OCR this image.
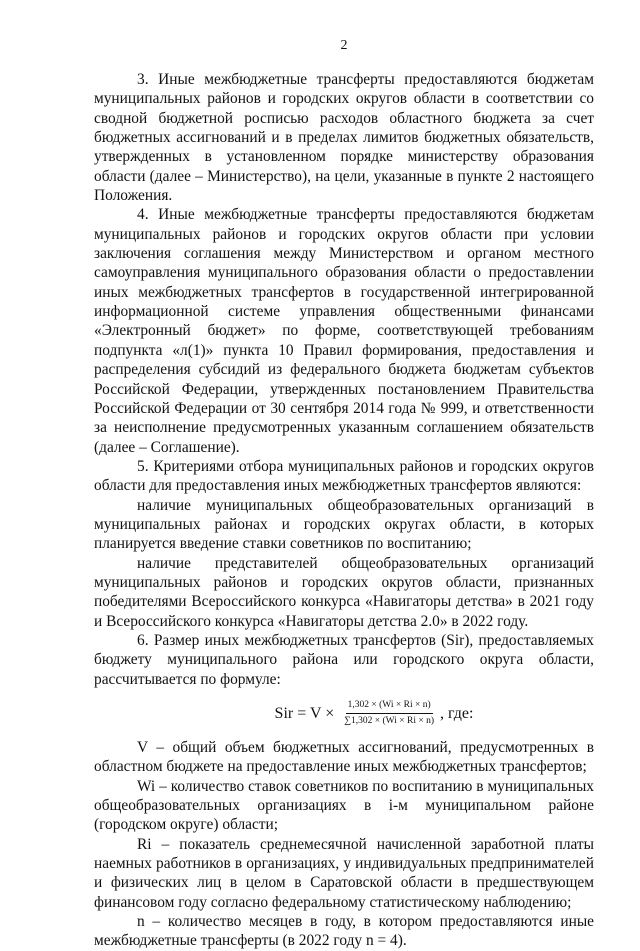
2

3. Иные межбюджетные трансферты предоставляются бюджетам муниципальных районов и городских округов области в соответствии со сводной бюджетной росписью расходов областного бюджета за счет бюджетных ассигнований и в пределах лимитов бюджетных обязательств, утвержденных в установленном порядке министерству образования области (далее – Министерство), на цели, указанные в пункте 2 настоящего Положения.

4. Иные межбюджетные трансферты предоставляются бюджетам муниципальных районов и городских округов области при условии заключения соглашения между Министерством и органом местного самоуправления муниципального образования области о предоставлении иных межбюджетных трансфертов в государственной интегрированной информационной системе управления общественными финансами «Электронный бюджет» по форме, соответствующей требованиям подпункта «л(1)» пункта 10 Правил формирования, предоставления и распределения субсидий из федерального бюджета бюджетам субъектов Российской Федерации, утвержденных постановлением Правительства Российской Федерации от 30 сентября 2014 года № 999, и ответственности за неисполнение предусмотренных указанным соглашением обязательств (далее – Соглашение).

5. Критериями отбора муниципальных районов и городских округов области для предоставления иных межбюджетных трансфертов являются:

наличие муниципальных общеобразовательных организаций в муниципальных районах и городских округах области, в которых планируется введение ставки советников по воспитанию;

наличие представителей общеобразовательных организаций муниципальных районов и городских округов области, признанных победителями Всероссийского конкурса «Навигаторы детства» в 2021 году и Всероссийского конкурса «Навигаторы детства 2.0» в 2022 году.

6. Размер иных межбюджетных трансфертов (Sir), предоставляемых бюджету муниципального района или городского округа области, рассчитывается по формуле:

Sir = $V \times \frac{1,302 \times (Wi \times Ri \times n)}{\sum 1,302 \times (Wi \times Ri \times n)}$ , где:

V – общий объем бюджетных ассигнований, предусмотренных в областном бюджете на предоставление иных межбюджетных трансфертов;

Wi – количество ставок советников по воспитанию в муниципальных общеобразовательных организациях в i-м муниципальном районе (городском округе) области;

Ri – показатель среднемесячной начисленной заработной платы наемных работников в организациях, у индивидуальных предпринимателей и физических лиц в целом в Саратовской области в предшествующем финансовом году согласно федеральному статистическому наблюдению;

n – количество месяцев в году, в котором предоставляются иные межбюджетные трансферты (в 2022 году n = 4).
